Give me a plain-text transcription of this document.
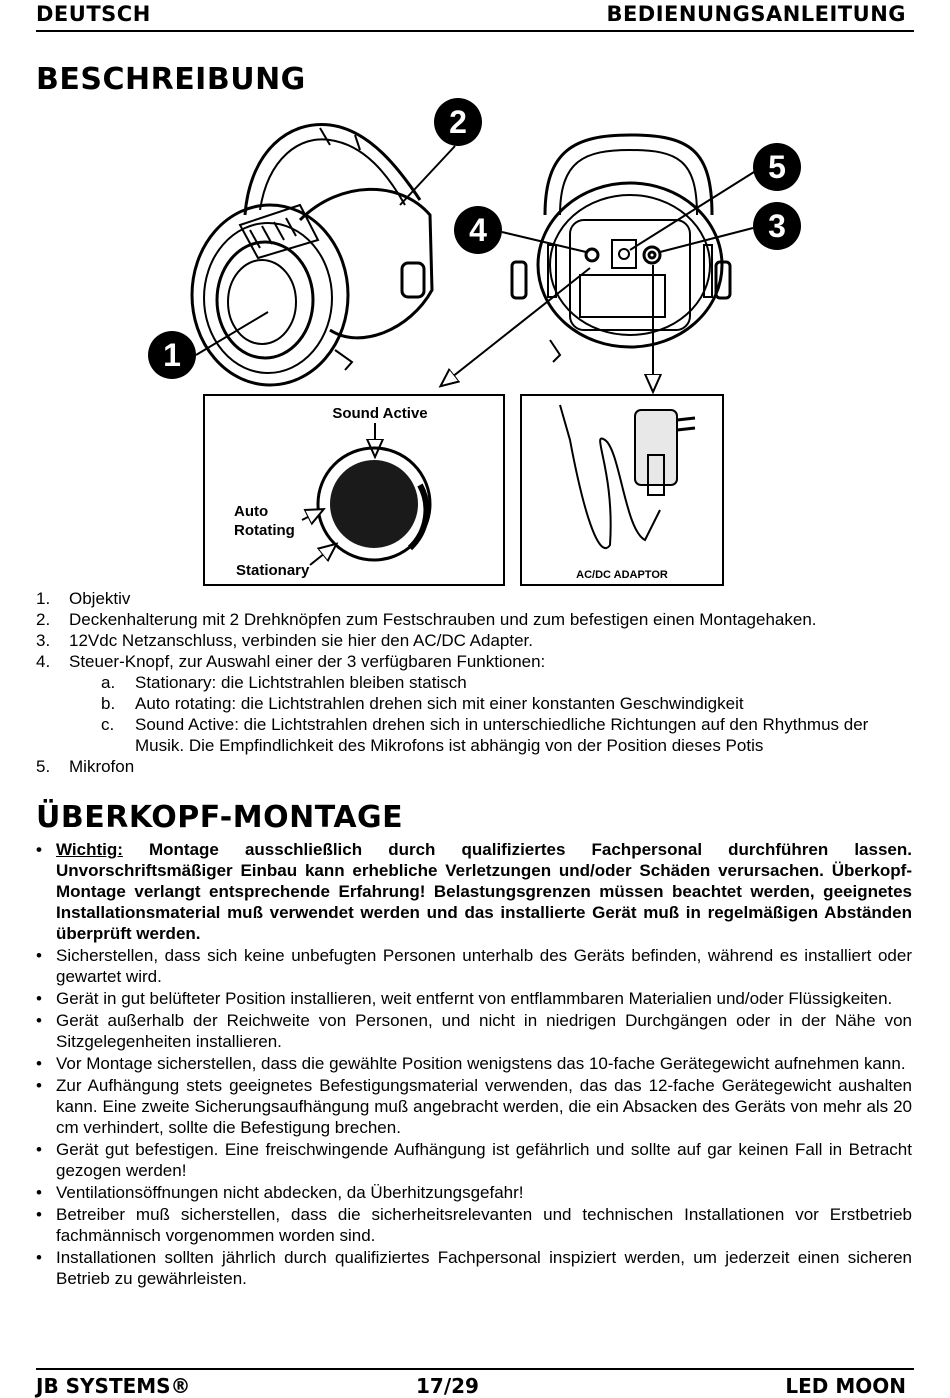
DEUTSCH	BEDIENUNGSANLEITUNG
BESCHREIBUNG
1
2
4
5
3
Sound Active
Auto
Rotating
Stationary	AC/DC ADAPTOR
1. Objektiv
2. Deckenhalterung mit 2 Drehknöpfen zum Festschrauben und zum befestigen einen Montagehaken.
3. 12Vdc Netzanschluss, verbinden sie hier den AC/DC Adapter.
4. Steuer-Knopf, zur Auswahl einer der 3 verfügbaren Funktionen:
a. Stationary: die Lichtstrahlen bleiben statisch
b. Auto rotating: die Lichtstrahlen drehen sich mit einer konstanten Geschwindigkeit
c. Sound Active: die Lichtstrahlen drehen sich in unterschiedliche Richtungen auf den Rhythmus der Musik. Die Empfindlichkeit des Mikrofons ist abhängig von der Position dieses Potis
5. Mikrofon
ÜBERKOPF-MONTAGE
• Wichtig: Montage ausschließlich durch qualifiziertes Fachpersonal durchführen lassen. Unvorschriftsmäßiger Einbau kann erhebliche Verletzungen und/oder Schäden verursachen. Überkopf-Montage verlangt entsprechende Erfahrung! Belastungsgrenzen müssen beachtet werden, geeignetes Installationsmaterial muß verwendet werden und das installierte Gerät muß in regelmäßigen Abständen überprüft werden.
• Sicherstellen, dass sich keine unbefugten Personen unterhalb des Geräts befinden, während es installiert oder gewartet wird.
• Gerät in gut belüfteter Position installieren, weit entfernt von entflammbaren Materialien und/oder Flüssigkeiten.
• Gerät außerhalb der Reichweite von Personen, und nicht in niedrigen Durchgängen oder in der Nähe von Sitzgelegenheiten installieren.
• Vor Montage sicherstellen, dass die gewählte Position wenigstens das 10-fache Gerätegewicht aufnehmen kann.
• Zur Aufhängung stets geeignetes Befestigungsmaterial verwenden, das das 12-fache Gerätegewicht aushalten kann. Eine zweite Sicherungsaufhängung muß angebracht werden, die ein Absacken des Geräts von mehr als 20 cm verhindert, sollte die Befestigung brechen.
• Gerät gut befestigen. Eine freischwingende Aufhängung ist gefährlich und sollte auf gar keinen Fall in Betracht gezogen werden!
• Ventilationsöffnungen nicht abdecken, da Überhitzungsgefahr!
• Betreiber muß sicherstellen, dass die sicherheitsrelevanten und technischen Installationen vor Erstbetrieb fachmännisch vorgenommen worden sind.
• Installationen sollten jährlich durch qualifiziertes Fachpersonal inspiziert werden, um jederzeit einen sicheren Betrieb zu gewährleisten.
JB SYSTEMS®	17/29	LED MOON
